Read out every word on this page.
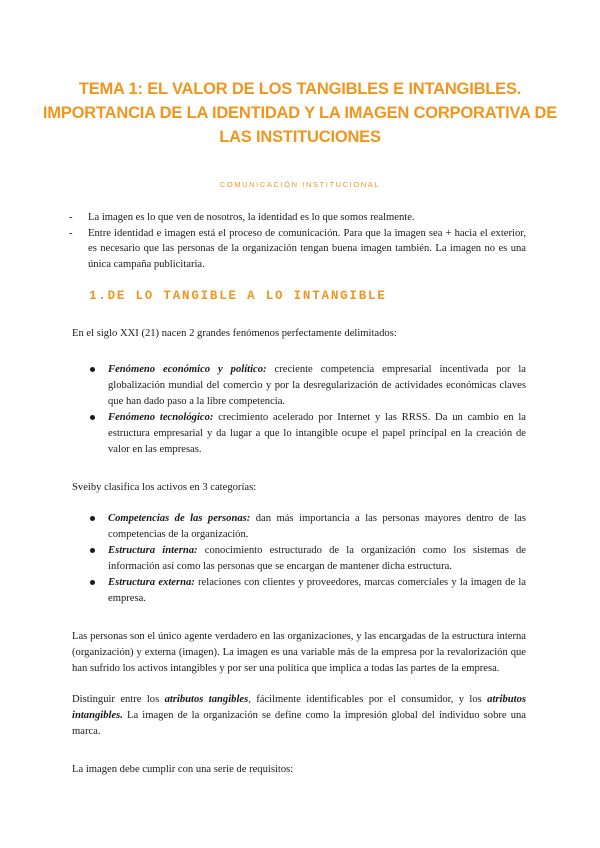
TEMA 1: EL VALOR DE LOS TANGIBLES E INTANGIBLES. IMPORTANCIA DE LA IDENTIDAD Y LA IMAGEN CORPORATIVA DE LAS INSTITUCIONES
COMUNICACIÓN INSTITUCIONAL
- La imagen es lo que ven de nosotros, la identidad es lo que somos realmente.
- Entre identidad e imagen está el proceso de comunicación. Para que la imagen sea + hacia el exterior, es necesario que las personas de la organización tengan buena imagen también. La imagen no es una única campaña publicitaria.
1.DE LO TANGIBLE A LO INTANGIBLE

En el siglo XXI (21) nacen 2 grandes fenómenos perfectamente delimitados:

Fenómeno económico y político: creciente competencia empresarial incentivada por la globalización mundial del comercio y por la desregularización de actividades económicas claves que han dado paso a la libre competencia.
Fenómeno tecnológico: crecimiento acelerado por Internet y las RRSS. Da un cambio en la estructura empresarial y da lugar a que lo intangible ocupe el papel principal en la creación de valor en las empresas.

Sveiby clasifica los activos en 3 categorías:

Competencias de las personas: dan más importancia a las personas mayores dentro de las competencias de la organización.
Estructura interna: conocimiento estructurado de la organización como los sistemas de información así como las personas que se encargan de mantener dicha estructura.
Estructura externa: relaciones con clientes y proveedores, marcas comerciales y la imagen de la empresa.

Las personas son el único agente verdadero en las organizaciones, y las encargadas de la estructura interna (organización) y externa (imagen). La imagen es una variable más de la empresa por la revalorización que han sufrido los activos intangibles y por ser una política que implica a todas las partes de la empresa.

Distinguir entre los atributos tangibles, fácilmente identificables por el consumidor, y los atributos intangibles. La imagen de la organización se define como la impresión global del individuo sobre una marca.

La imagen debe cumplir con una serie de requisitos:
